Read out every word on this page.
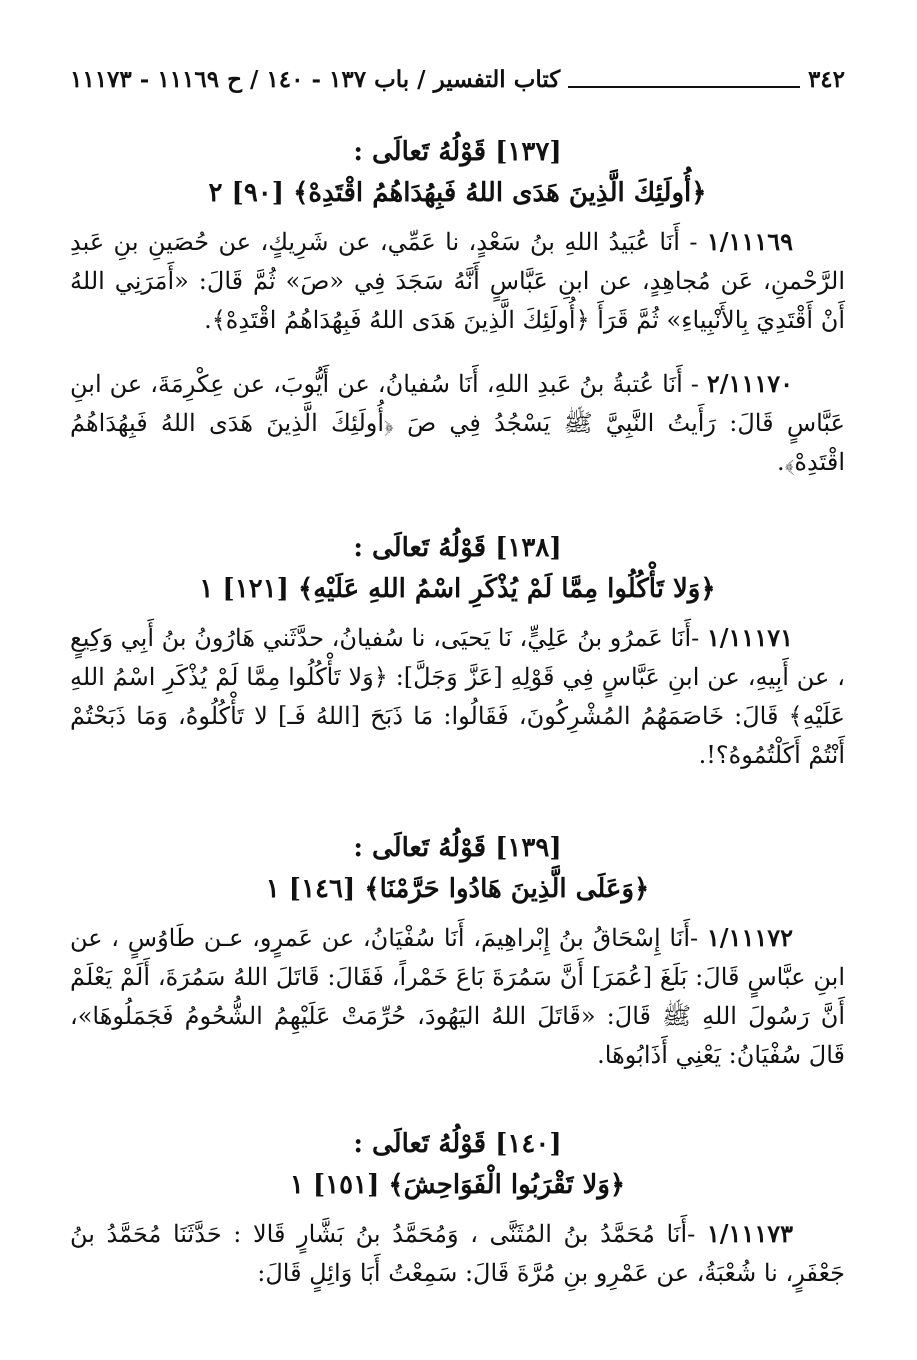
٣٤٢
كتاب التفسير / باب ١٣٧ - ١٤٠ / ح ١١١٦٩ - ١١١٧٣
[١٣٧] قَوْلُهُ تَعالَى :
﴿أُولَئِكَ الَّذِينَ هَدَى اللهُ فَبِهُدَاهُمُ اقْتَدِهْ﴾ [٩٠] ٢

١/١١١٦٩ - أَنَا عُبَيدُ اللهِ بنُ سَعْدٍ، نا عَمِّي، عن شَرِيكٍ، عن حُصَينِ بنِ عَبدِ الرَّحْمنِ، عَن مُجاهِدٍ، عن ابنِ عَبَّاسٍ أَنَّهُ سَجَدَ فِي «صَ» ثُمَّ قَالَ: «أَمَرَنِي اللهُ أَنْ أَقْتَدِيَ بِالأَنْبِياءِ» ثُمَّ قَرَأَ ﴿أُولَئِكَ الَّذِينَ هَدَى اللهُ فَبِهُدَاهُمُ اقْتَدِهْ﴾.

٢/١١١٧٠ - أَنَا عُتبةُ بنُ عَبدِ اللهِ، أَنَا سُفيانُ، عن أَيُّوبَ، عن عِكْرِمَةَ، عن ابنِ عَبَّاسٍ قَالَ: رَأَيتُ النَّبِيَّ ﷺ يَسْجُدُ فِي صَ ﴿أُولَئِكَ الَّذِينَ هَدَى اللهُ فَبِهُدَاهُمُ اقْتَدِهْ﴾.

[١٣٨] قَوْلُهُ تَعالَى :
﴿وَلا تَأْكُلُوا مِمَّا لَمْ يُذْكَرِ اسْمُ اللهِ عَلَيْهِ﴾ [١٢١] ١

١/١١١٧١ -أَنَا عَمرُو بنُ عَلِيٍّ، نَا يَحيَى، نا سُفيانُ، حدَّثَني هَارُونُ بنُ أَبِي وَكِيعٍ ، عن أَبِيهِ، عن ابنِ عَبَّاسٍ فِي قَوْلِهِ [عَزَّ وَجَلَّ]: ﴿وَلا تَأْكُلُوا مِمَّا لَمْ يُذْكَرِ اسْمُ اللهِ عَلَيْهِ﴾ قَالَ: خَاصَمَهُمُ المُشْرِكُونَ، فَقَالُوا: مَا ذَبَحَ [اللهُ فَـ] لا تَأْكُلُوهُ، وَمَا ذَبَحْتُمْ أَنْتُمْ أَكَلْتُمُوهُ؟!.

[١٣٩] قَوْلُهُ تَعالَى :
﴿وَعَلَى الَّذِينَ هَادُوا حَرَّمْنَا﴾ [١٤٦] ١

١/١١١٧٢ -أَنَا إِسْحَاقُ بنُ إِبْراهِيمَ، أَنَا سُفْيَانُ، عن عَمرٍو، عـن طَاوُسٍ ، عن ابنِ عبَّاسٍ قَالَ: بَلَغَ [عُمَرَ] أَنَّ سَمُرَةَ بَاعَ خَمْراً، فَقَالَ: قَاتَلَ اللهُ سَمُرَةَ، أَلَمْ يَعْلَمْ أَنَّ رَسُولَ اللهِ ﷺ قَالَ: «قَاتَلَ اللهُ اليَهُودَ، حُرِّمَتْ عَلَيْهِمُ الشُّحُومُ فَجَمَلُوهَا»، قَالَ سُفْيَانُ: يَعْنِي أَذَابُوهَا.

[١٤٠] قَوْلُهُ تَعالَى :
﴿وَلا تَقْرَبُوا الْفَوَاحِشَ﴾ [١٥١] ١

١/١١١٧٣ -أَنَا مُحَمَّدُ بنُ المُثَنَّى ، وَمُحَمَّدُ بنُ بَشَّارٍ قَالا : حَدَّثَنَا مُحَمَّدُ بنُ جَعْفَرٍ، نا شُعْبَةُ، عن عَمْرِو بنِ مُرَّةَ قَالَ: سَمِعْتُ أَبَا وَائِلٍ قَالَ:
